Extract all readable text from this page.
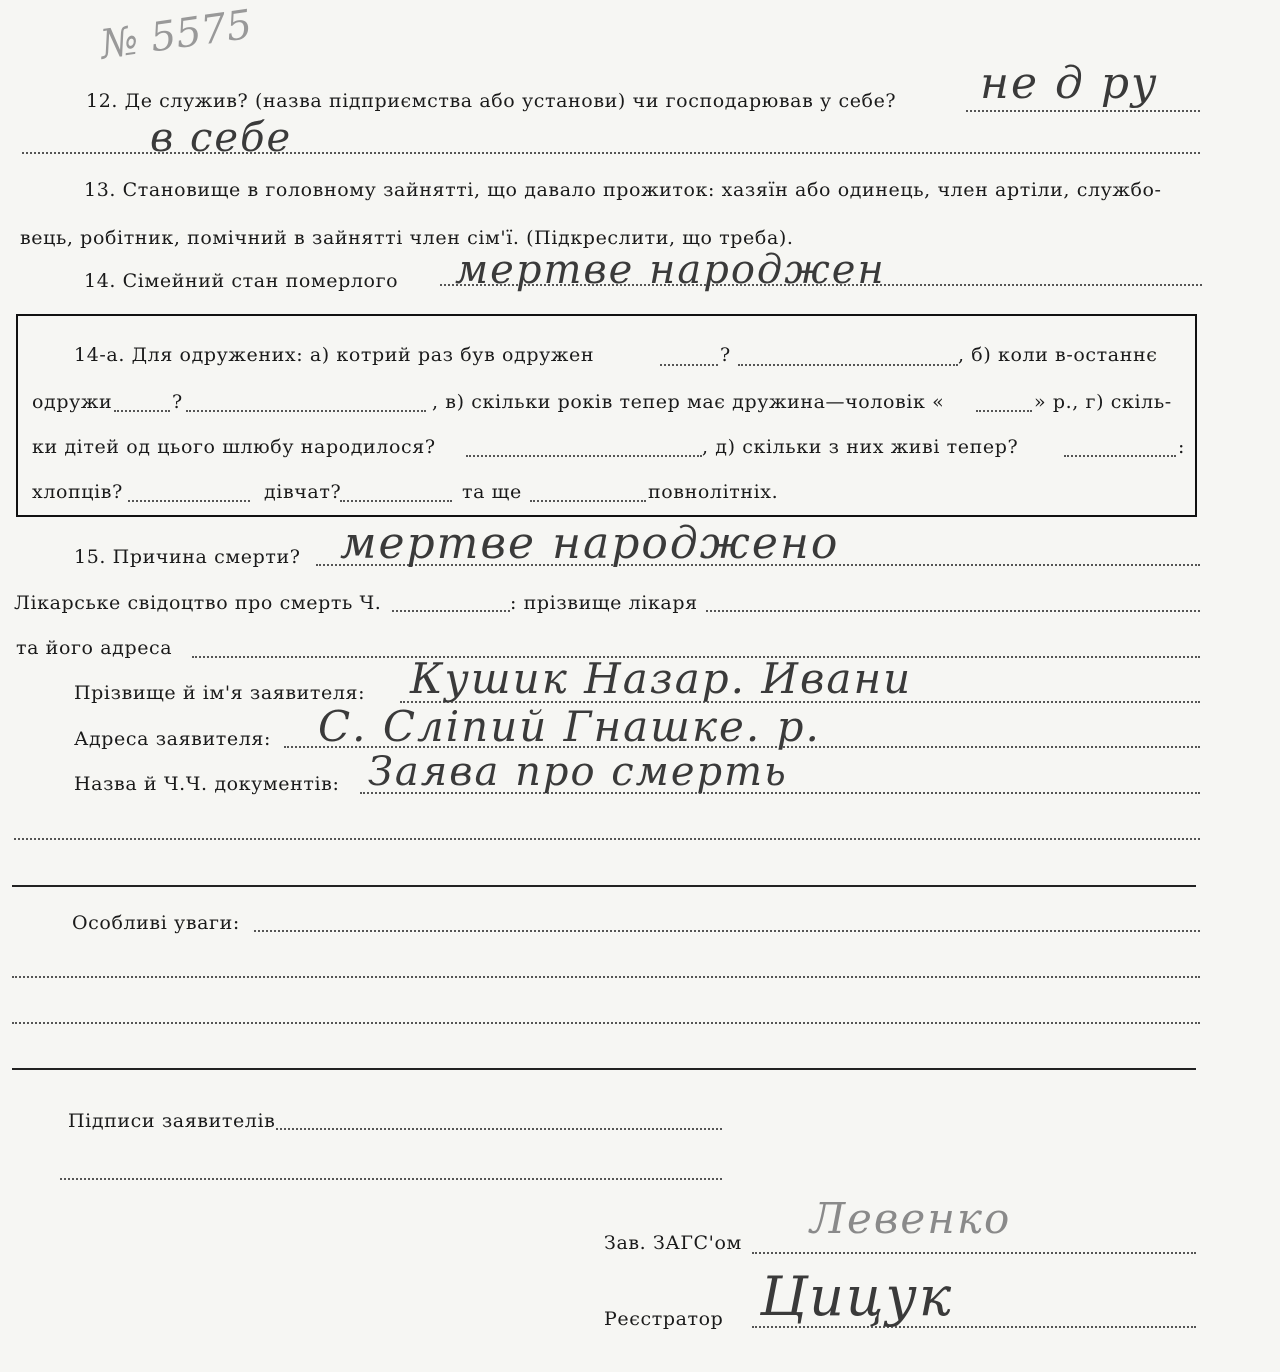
№ 5575
12. Де служив? (назва підприємства або установи) чи господарював у себе? не д ру
в себе
13. Становище в головному зайнятті, що давало прожиток: хазяїн або одинець, член артіли, службо-
вець, робітник, помічний в зайнятті член сім'ї. (Підкреслити, що треба).
14. Сімейний стан померлого мертве народжен
14-а. Для одружених: а) котрий раз був одружен	?	, б) коли в-останнє
одружи	?	, в) скільки років тепер має дружина—чоловік «	» р., г) скіль-
ки дітей од цього шлюбу народилося?	, д) скільки з них живі тепер?	:
хлопців?	дівчат?	та ще	повнолітніх.
15. Причина смерти? мертве народжено
Лікарське свідоцтво про смерть Ч.	: прізвище лікаря
та його адреса
Прізвище й ім'я заявителя: Кушик Назар. Ивани
Адреса заявителя: С. Сліпий Гнашке. р.
Назва й Ч.Ч. документів: Заява про смерть
Особливі уваги:
Підписи заявителів
Зав. ЗАГС'ом Левенко
Реєстратор Цицук
